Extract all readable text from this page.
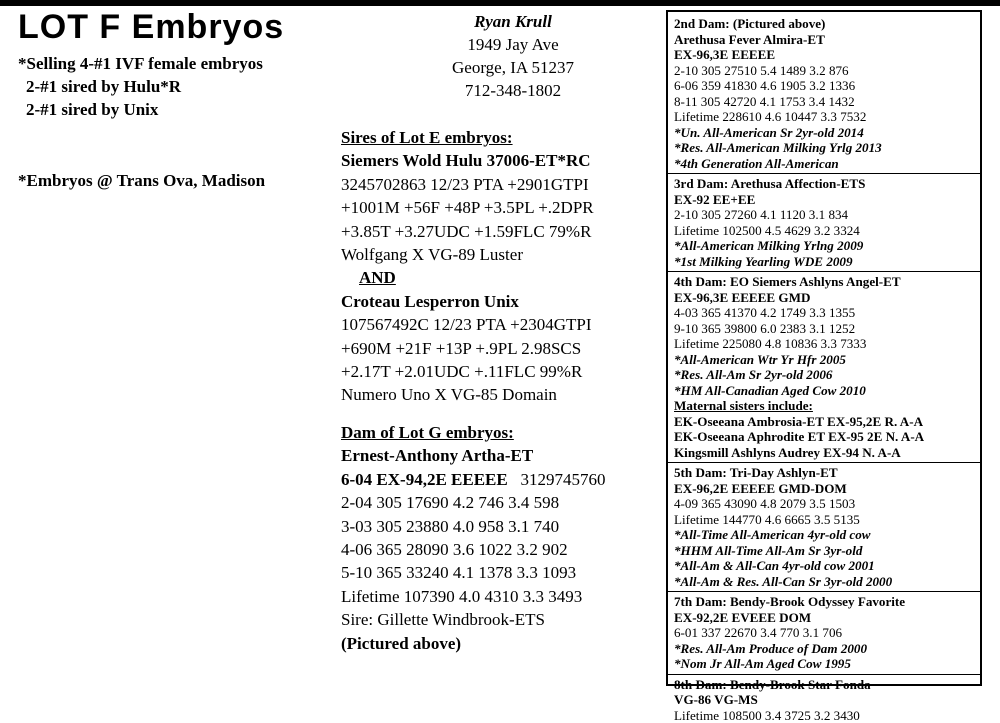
LOT F Embryos
*Selling 4-#1 IVF female embryos
2-#1 sired by Hulu*R
2-#1 sired by Unix
*Embryos @ Trans Ova, Madison
Ryan Krull
1949 Jay Ave
George, IA 51237
712-348-1802
Sires of Lot E embryos:
Siemers Wold Hulu 37006-ET*RC
3245702863 12/23 PTA +2901GTPI
+1001M +56F +48P +3.5PL +.2DPR
+3.85T +3.27UDC +1.59FLC 79%R
Wolfgang X VG-89 Luster
AND
Croteau Lesperron Unix
107567492C 12/23 PTA +2304GTPI
+690M +21F +13P +.9PL 2.98SCS
+2.17T +2.01UDC +.11FLC 99%R
Numero Uno X VG-85 Domain
Dam of Lot G embryos:
Ernest-Anthony Artha-ET
6-04 EX-94,2E EEEEE 3129745760
2-04 305 17690 4.2 746 3.4 598
3-03 305 23880 4.0 958 3.1 740
4-06 365 28090 3.6 1022 3.2 902
5-10 365 33240 4.1 1378 3.3 1093
Lifetime 107390 4.0 4310 3.3 3493
Sire: Gillette Windbrook-ETS
(Pictured above)
2nd Dam: (Pictured above)
Arethusa Fever Almira-ET
EX-96,3E EEEEE
2-10 305 27510 5.4 1489 3.2 876
6-06 359 41830 4.6 1905 3.2 1336
8-11 305 42720 4.1 1753 3.4 1432
Lifetime 228610 4.6 10447 3.3 7532
*Un. All-American Sr 2yr-old 2014
*Res. All-American Milking Yrlg 2013
*4th Generation All-American
3rd Dam: Arethusa Affection-ETS
EX-92 EE+EE
2-10 305 27260 4.1 1120 3.1 834
Lifetime 102500 4.5 4629 3.2 3324
*All-American Milking Yrlng 2009
*1st Milking Yearling WDE 2009
4th Dam: EO Siemers Ashlyns Angel-ET
EX-96,3E EEEEE GMD
4-03 365 41370 4.2 1749 3.3 1355
9-10 365 39800 6.0 2383 3.1 1252
Lifetime 225080 4.8 10836 3.3 7333
*All-American Wtr Yr Hfr 2005
*Res. All-Am Sr 2yr-old 2006
*HM All-Canadian Aged Cow 2010
Maternal sisters include:
EK-Oseeana Ambrosia-ET EX-95,2E R. A-A
EK-Oseeana Aphrodite ET EX-95 2E N. A-A
Kingsmill Ashlyns Audrey EX-94 N. A-A
5th Dam: Tri-Day Ashlyn-ET
EX-96,2E EEEEE GMD-DOM
4-09 365 43090 4.8 2079 3.5 1503
Lifetime 144770 4.6 6665 3.5 5135
*All-Time All-American 4yr-old cow
*HHM All-Time All-Am Sr 3yr-old
*All-Am & All-Can 4yr-old cow 2001
*All-Am & Res. All-Can Sr 3yr-old 2000
7th Dam: Bendy-Brook Odyssey Favorite
EX-92,2E EVEEE DOM
6-01 337 22670 3.4 770 3.1 706
*Res. All-Am Produce of Dam 2000
*Nom Jr All-Am Aged Cow 1995
8th Dam: Bendy-Brook Star Fonda
VG-86 VG-MS
Lifetime 108500 3.4 3725 3.2 3430
